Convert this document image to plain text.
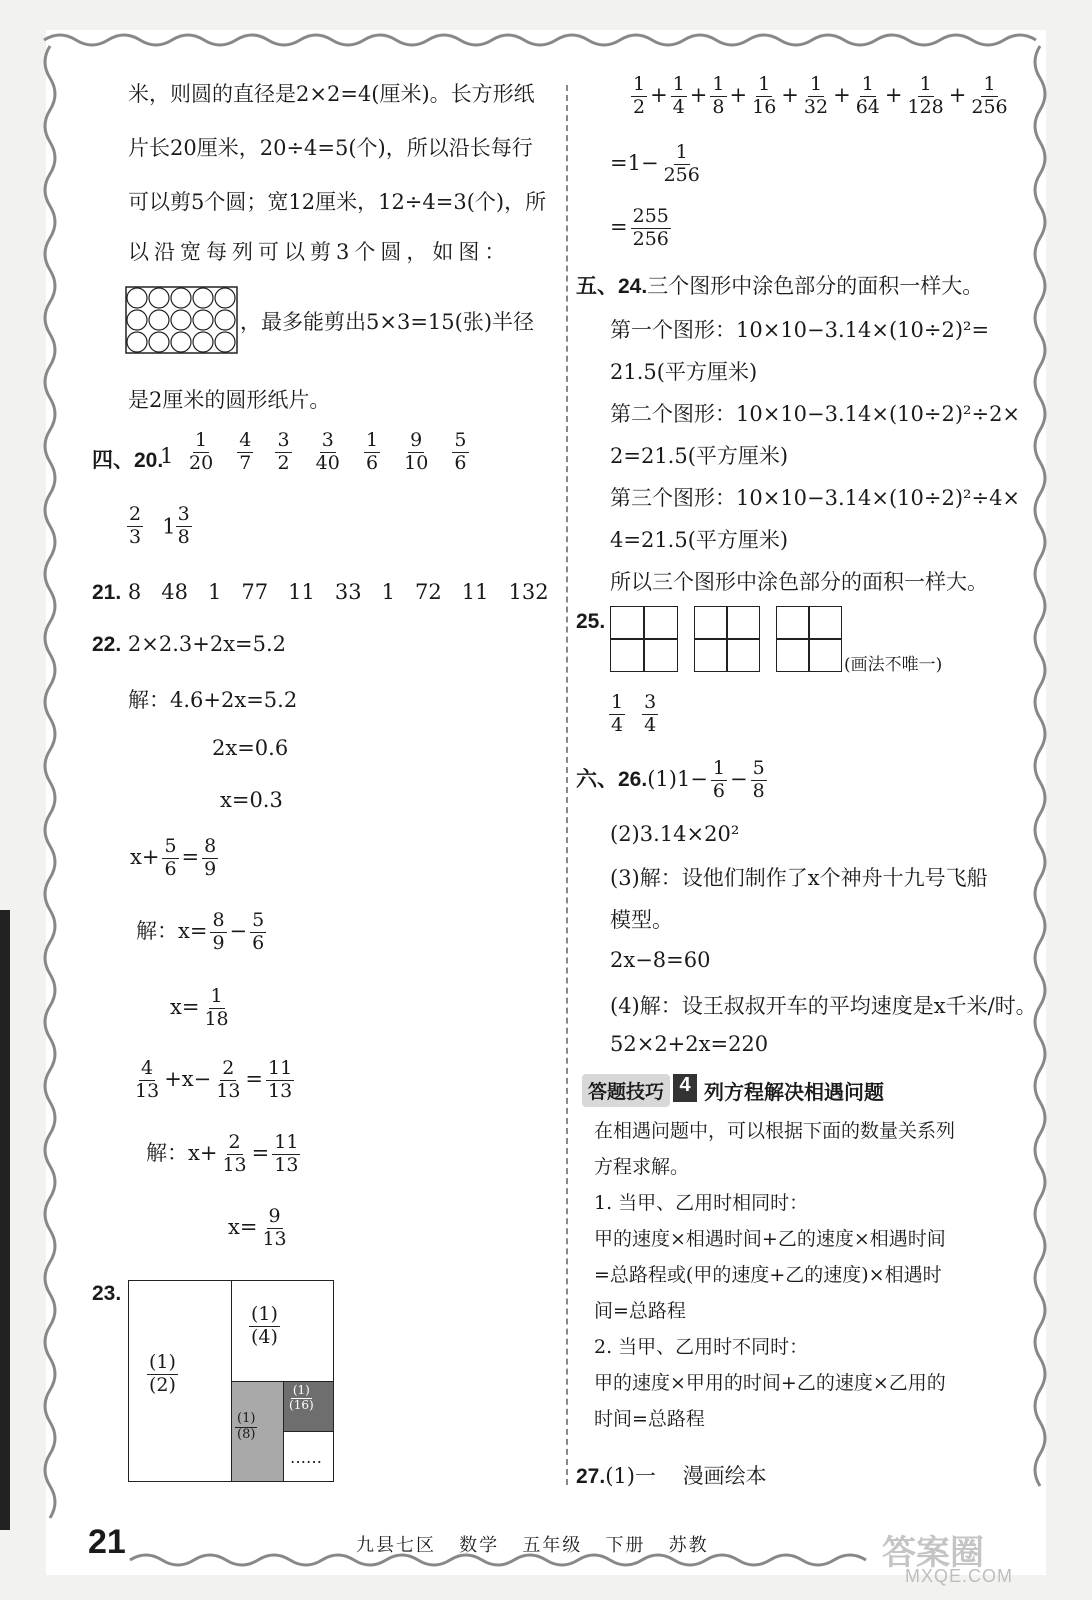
米，则圆的直径是2×2=4(厘米)。长方形纸
片长20厘米，20÷4=5(个)，所以沿长每行
可以剪5个圆；宽12厘米，12÷4=3(个)，所
以沿宽每列可以剪3个圆，如图：
，最多能剪出5×3=15(张)半径
是2厘米的圆形纸片。
四、20.
$1 \frac{1}{20}$
$\frac{4}{7}$
$\frac{3}{2}$
$\frac{3}{40}$
$\frac{1}{6}$
$\frac{9}{10}$
$\frac{5}{6}$
$\frac{2}{3} 1 \frac{3}{8}$
21. 8   48   1   77   11   33   1   72   11   132
22. 2×2.3+2x=5.2
解：4.6+2x=5.2
2x=0.6
x=0.3
$x+ \frac{5}{6} = \frac{8}{9}$
解：$x= \frac{8}{9} - \frac{5}{6}$
$x= \frac{1}{18}$
$\frac{4}{13} +x- \frac{2}{13} = \frac{11}{13}$
解：$x+ \frac{2}{13} = \frac{11}{13}$
$x= \frac{9}{13}$
23.
$\frac{(​1​)}{(​2​)}$
$\frac{(​1​)}{(​4​)}$
$\frac{(1)}{(8)}$
$\frac{(1)}{(16)}$
……
$\frac{1}{2} + \frac{1}{4} + \frac{1}{8} + \frac{1}{16} + \frac{1}{32} + \frac{1}{64} + \frac{1}{128} + \frac{1}{256}$
$=1- \frac{1}{256}$
= $\frac{255}{256}$
五、24.三个图形中涂色部分的面积一样大。
第一个图形：10×10−3.14×(10÷2)²=
21.5(平方厘米)
第二个图形：10×10−3.14×(10÷2)²÷2×
2=21.5(平方厘米)
第三个图形：10×10−3.14×(10÷2)²÷4×
4=21.5(平方厘米)
所以三个图形中涂色部分的面积一样大。
25.
(画法不唯一)
$\frac{1}{4} \frac{3}{4}$
六、$26.(1)1- \frac{1}{6} - \frac{5}{8}$
(2)3.14×20²
(3)解：设他们制作了x个神舟十九号飞船
模型。
2x−8=60
(4)解：设王叔叔开车的平均速度是x千米/时。
52×2+2x=220
答题技巧 4 列方程解决相遇问题
在相遇问题中，可以根据下面的数量关系列
方程求解。
1. 当甲、乙用时相同时：
甲的速度×相遇时间+乙的速度×相遇时间
=总路程或(甲的速度+乙的速度)×相遇时
间=总路程
2. 当甲、乙用时不同时：
甲的速度×甲用的时间+乙的速度×乙用的
时间=总路程
27.(1)一    漫画绘本
21	九县七区   数学   五年级   下册   苏教	答案圈
MXQE.COM
